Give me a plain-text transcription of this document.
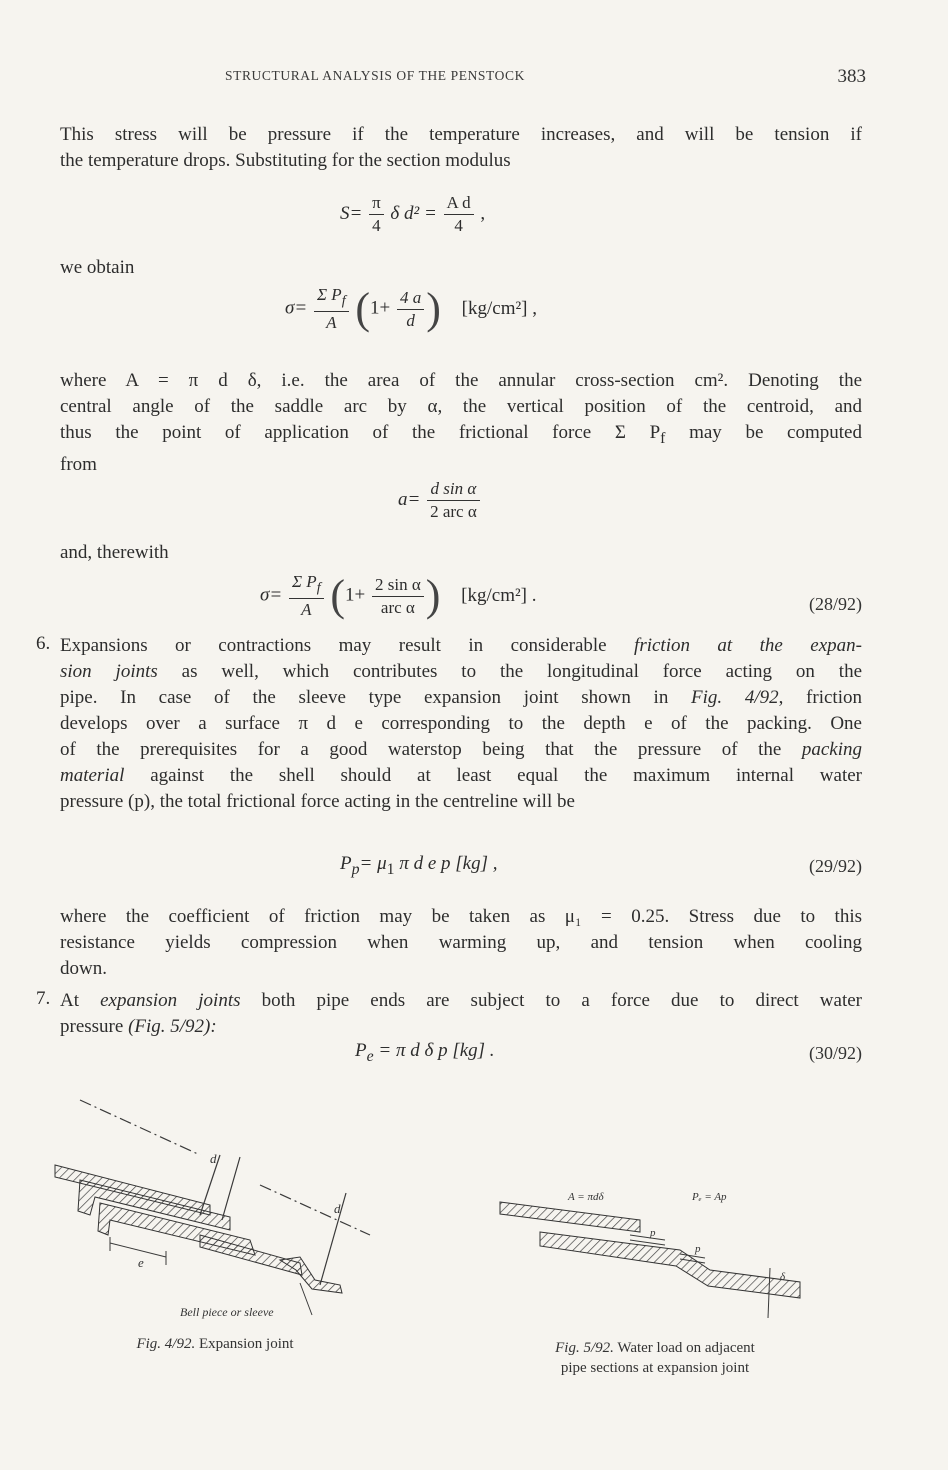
STRUCTURAL ANALYSIS OF THE PENSTOCK	383
This stress will be pressure if the temperature increases, and will be tension if
the temperature drops. Substituting for the section modulus
$S= \frac{\pi}{4}$ δ $d^2 = \frac{\text{A d}}{4}$ ,
we obtain
$\sigma= \frac{\Sigma P_f}{A} (1+ \frac{4 a}{d}$ ) [kg/cm²] ,
where A = π d δ, i.e. the area of the annular cross-section cm². Denoting the
central angle of the saddle arc by α, the vertical position of the centroid, and
thus the point of application of the frictional force Σ $P_f$ may be computed
from
$a= \frac{\text{d sin α}}{\text{2 arc α}}$
and, therewith
$\sigma= \frac{\Sigma P_f}{A} (1+ \frac{\text{2 sin α}}{\text{arc α}}$ ) [kg/cm²] .	(28/92)
6. Expansions or contractions may result in considerable friction at the expan-
sion joints as well, which contributes to the longitudinal force acting on the
pipe. In case of the sleeve type expansion joint shown in Fig. 4/92, friction
develops over a surface π d e corresponding to the depth e of the packing. One
of the prerequisites for a good waterstop being that the pressure of the packing
material against the shell should at least equal the maximum internal water
pressure (p), the total frictional force acting in the centreline will be
$P_p= \mu_1$ π d e p [kg] ,	(29/92)
where the coefficient of friction may be taken as μ₁ = 0.25. Stress due to this
resistance yields compression when warming up, and tension when cooling
down.
7. At expansion joints both pipe ends are subject to a force due to direct water
pressure (Fig. 5/92):
$P_e = \pi$ d δ p [kg] .	(30/92)
e
d
d
Bell piece or sleeve
Fig. 4/92. Expansion joint
A = πdδ	Pₑ = Ap
p
p
δ
Fig. 5/92. Water load on adjacent
pipe sections at expansion joint
